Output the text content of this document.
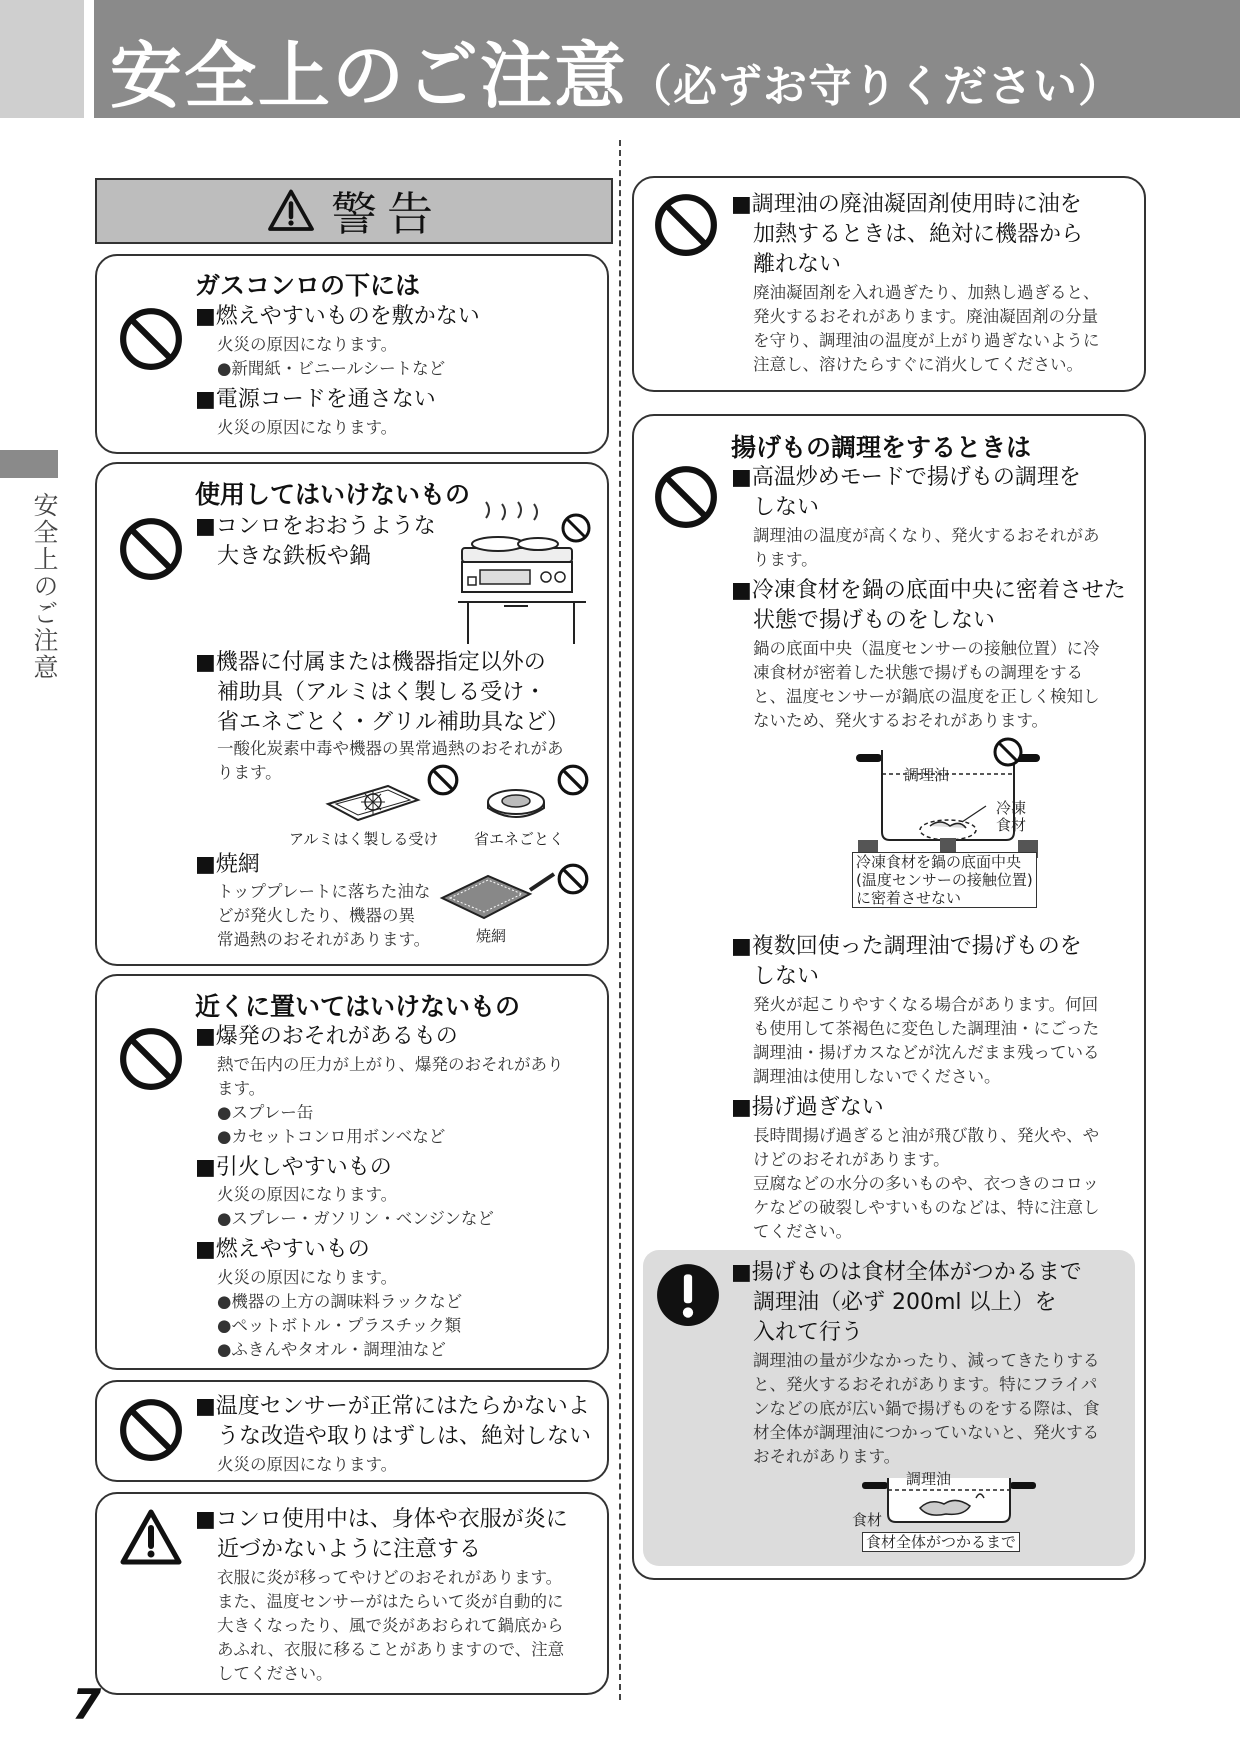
安全上のご注意（必ずお守りください）
安全上のご注意
警告
ガスコンロの下には
■燃えやすいものを敷かない
火災の原因になります。
●新聞紙・ビニールシートなど
■電源コードを通さない
火災の原因になります。
使用してはいけないもの
■コンロをおおうような
大きな鉄板や鍋
■機器に付属または機器指定以外の
補助具（アルミはく製しる受け・
省エネごとく・グリル補助具など）
一酸化炭素中毒や機器の異常過熱のおそれがあ
ります。
アルミはく製しる受け 省エネごとく
■焼網
トッププレートに落ちた油な
どが発火したり、機器の異
常過熱のおそれがあります。	焼網
近くに置いてはいけないもの
■爆発のおそれがあるもの
熱で缶内の圧力が上がり、爆発のおそれがあり
ます。
●スプレー缶
●カセットコンロ用ボンベなど
■引火しやすいもの
火災の原因になります。
●スプレー・ガソリン・ベンジンなど
■燃えやすいもの
火災の原因になります。
●機器の上方の調味料ラックなど
●ペットボトル・プラスチック類
●ふきんやタオル・調理油など
■温度センサーが正常にはたらかないよ
うな改造や取りはずしは、絶対しない
火災の原因になります。
■コンロ使用中は、身体や衣服が炎に
近づかないように注意する
衣服に炎が移ってやけどのおそれがあります。
また、温度センサーがはたらいて炎が自動的に
大きくなったり、風で炎があおられて鍋底から
あふれ、衣服に移ることがありますので、注意
してください。
7
■調理油の廃油凝固剤使用時に油を
加熱するときは、絶対に機器から
離れない
廃油凝固剤を入れ過ぎたり、加熱し過ぎると、
発火するおそれがあります。廃油凝固剤の分量
を守り、調理油の温度が上がり過ぎないように
注意し、溶けたらすぐに消火してください。
揚げもの調理をするときは
■高温炒めモードで揚げもの調理を
しない
調理油の温度が高くなり、発火するおそれがあ
ります。
■冷凍食材を鍋の底面中央に密着させた
状態で揚げものをしない
鍋の底面中央（温度センサーの接触位置）に冷
凍食材が密着した状態で揚げもの調理をする
と、温度センサーが鍋底の温度を正しく検知し
ないため、発火するおそれがあります。
調理油
冷凍
食材
冷凍食材を鍋の底面中央
(温度センサーの接触位置)
に密着させない
■複数回使った調理油で揚げものを
しない
発火が起こりやすくなる場合があります。何回
も使用して茶褐色に変色した調理油・にごった
調理油・揚げカスなどが沈んだまま残っている
調理油は使用しないでください。
■揚げ過ぎない
長時間揚げ過ぎると油が飛び散り、発火や、や
けどのおそれがあります。
豆腐などの水分の多いものや、衣つきのコロッ
ケなどの破裂しやすいものなどは、特に注意し
てください。
■揚げものは食材全体がつかるまで
調理油（必ず 200ml 以上）を
入れて行う
調理油の量が少なかったり、減ってきたりする
と、発火するおそれがあります。特にフライパ
ンなどの底が広い鍋で揚げものをする際は、食
材全体が調理油につかっていないと、発火する
おそれがあります。
調理油
食材
食材全体がつかるまで
